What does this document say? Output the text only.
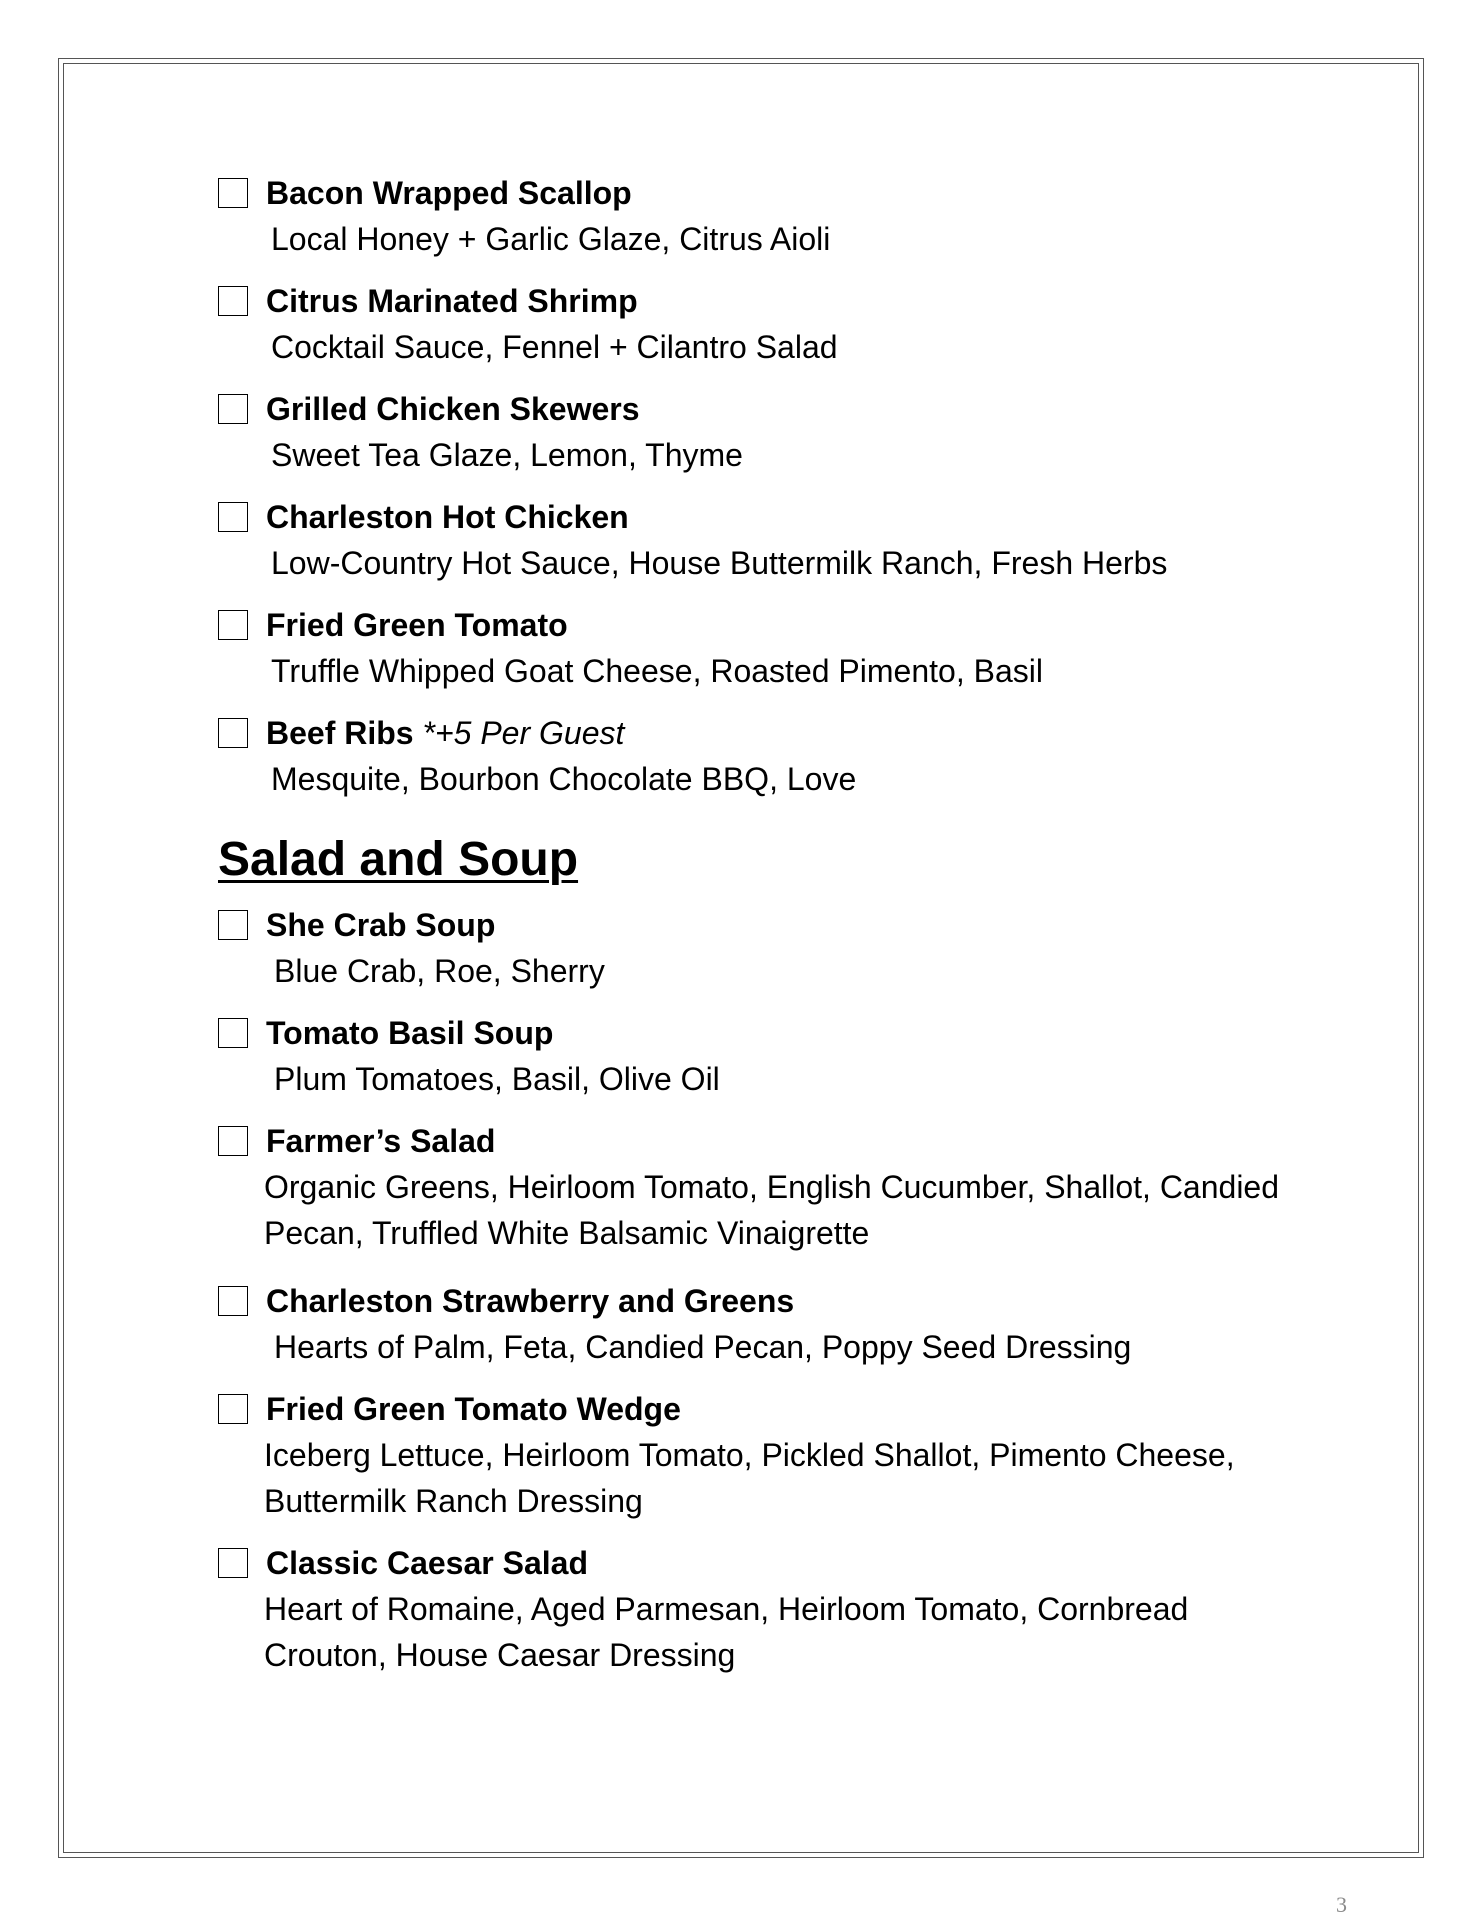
Bacon Wrapped Scallop
Local Honey + Garlic Glaze, Citrus Aioli
Citrus Marinated Shrimp
Cocktail Sauce, Fennel + Cilantro Salad
Grilled Chicken Skewers
Sweet Tea Glaze, Lemon, Thyme
Charleston Hot Chicken
Low-Country Hot Sauce, House Buttermilk Ranch, Fresh Herbs
Fried Green Tomato
Truffle Whipped Goat Cheese, Roasted Pimento, Basil
Beef Ribs *+5 Per Guest
Mesquite, Bourbon Chocolate BBQ, Love
Salad and Soup
She Crab Soup
Blue Crab, Roe, Sherry
Tomato Basil Soup
Plum Tomatoes, Basil, Olive Oil
Farmer’s Salad
Organic Greens, Heirloom Tomato, English Cucumber, Shallot, Candied Pecan, Truffled White Balsamic Vinaigrette
Charleston Strawberry and Greens
Hearts of Palm, Feta, Candied Pecan, Poppy Seed Dressing
Fried Green Tomato Wedge
Iceberg Lettuce, Heirloom Tomato, Pickled Shallot, Pimento Cheese, Buttermilk Ranch Dressing
Classic Caesar Salad
Heart of Romaine, Aged Parmesan, Heirloom Tomato, Cornbread Crouton, House Caesar Dressing
3
